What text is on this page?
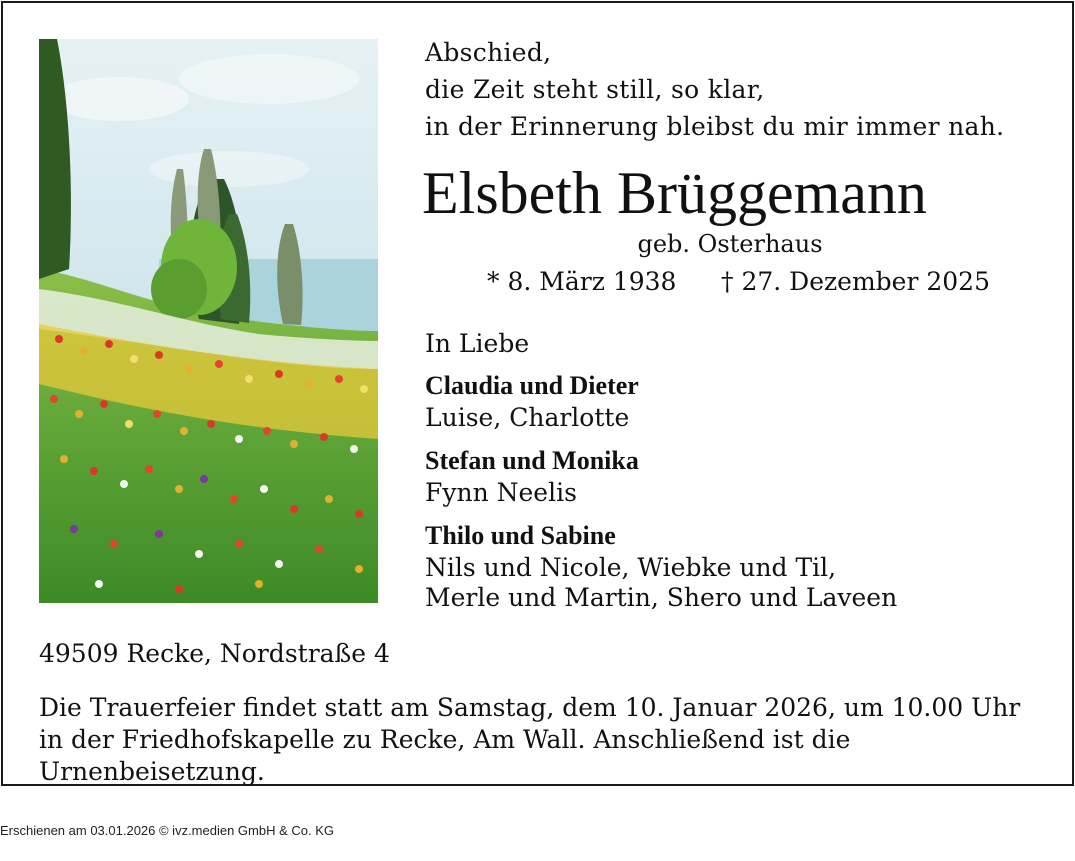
Abschied,
die Zeit steht still, so klar,
in der Erinnerung bleibst du mir immer nah.
Elsbeth Brüggemann
geb. Osterhaus
* 8. März 1938 † 27. Dezember 2025
In Liebe
Claudia und Dieter
Luise, Charlotte
Stefan und Monika
Fynn Neelis
Thilo und Sabine
Nils und Nicole, Wiebke und Til,
Merle und Martin, Shero und Laveen
49509 Recke, Nordstraße 4
Die Trauerfeier findet statt am Samstag, dem 10. Januar 2026, um 10.00 Uhr in der Friedhofskapelle zu Recke, Am Wall. Anschließend ist die Urnenbeisetzung.
Erschienen am 03.01.2026 © ivz.medien GmbH & Co. KG
